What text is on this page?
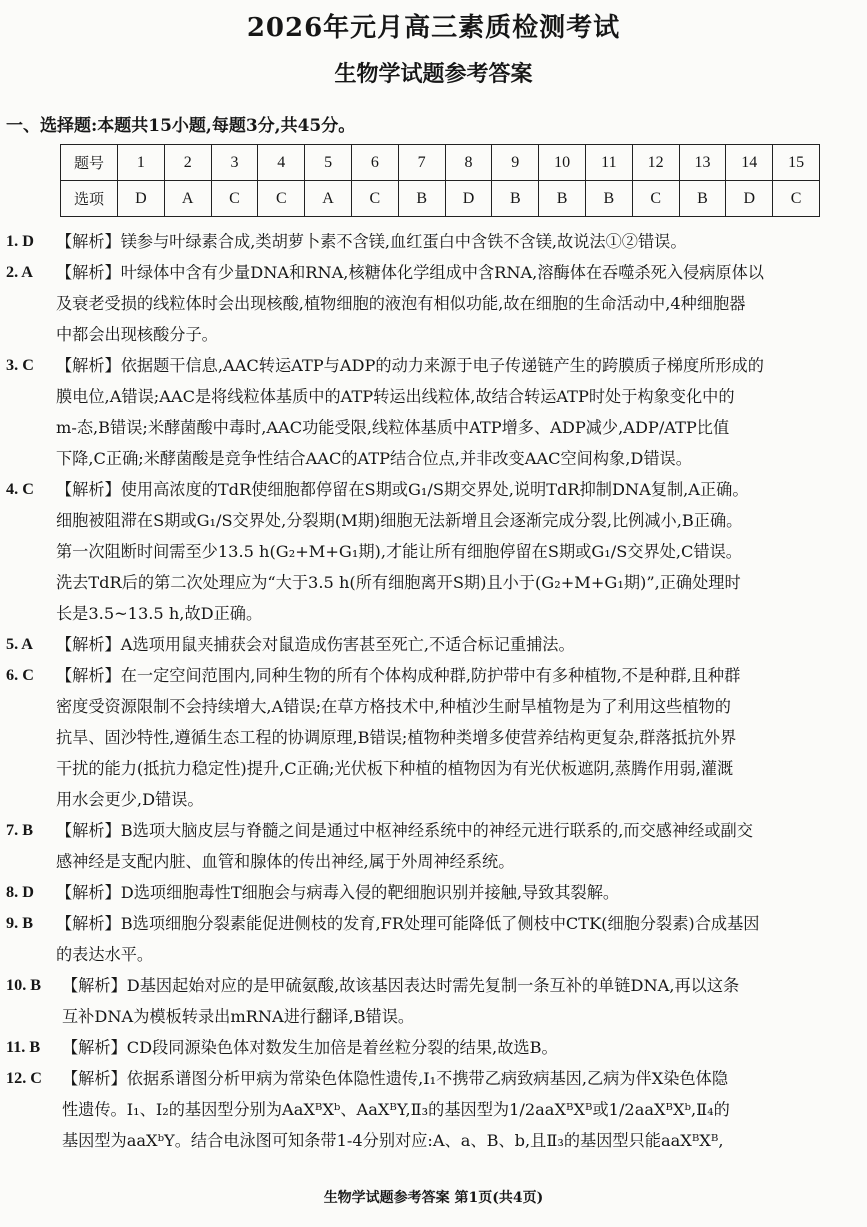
2026年元月高三素质检测考试
生物学试题参考答案

一、选择题:本题共15小题,每题3分,共45分。

题号	1	2	3	4	5	6	7	8	9	10	11	12	13	14	15
选项	D	A	C	C	A	C	B	D	B	B	B	C	B	D	C
1. D	【解析】镁参与叶绿素合成,类胡萝卜素不含镁,血红蛋白中含铁不含镁,故说法①②错误。
2. A	【解析】叶绿体中含有少量DNA和RNA,核糖体化学组成中含RNA,溶酶体在吞噬杀死入侵病原体以
及衰老受损的线粒体时会出现核酸,植物细胞的液泡有相似功能,故在细胞的生命活动中,4种细胞器
中都会出现核酸分子。
3. C	【解析】依据题干信息,AAC转运ATP与ADP的动力来源于电子传递链产生的跨膜质子梯度所形成的
膜电位,A错误;AAC是将线粒体基质中的ATP转运出线粒体,故结合转运ATP时处于构象变化中的
m-态,B错误;米酵菌酸中毒时,AAC功能受限,线粒体基质中ATP增多、ADP减少,ADP/ATP比值
下降,C正确;米酵菌酸是竞争性结合AAC的ATP结合位点,并非改变AAC空间构象,D错误。
4. C	【解析】使用高浓度的TdR使细胞都停留在S期或G₁/S期交界处,说明TdR抑制DNA复制,A正确。
细胞被阻滞在S期或G₁/S交界处,分裂期(M期)细胞无法新增且会逐渐完成分裂,比例减小,B正确。
第一次阻断时间需至少13.5 h(G₂+M+G₁期),才能让所有细胞停留在S期或G₁/S交界处,C错误。
洗去TdR后的第二次处理应为“大于3.5 h(所有细胞离开S期)且小于(G₂+M+G₁期)”,正确处理时
长是3.5~13.5 h,故D正确。
5. A	【解析】A选项用鼠夹捕获会对鼠造成伤害甚至死亡,不适合标记重捕法。
6. C	【解析】在一定空间范围内,同种生物的所有个体构成种群,防护带中有多种植物,不是种群,且种群
密度受资源限制不会持续增大,A错误;在草方格技术中,种植沙生耐旱植物是为了利用这些植物的
抗旱、固沙特性,遵循生态工程的协调原理,B错误;植物种类增多使营养结构更复杂,群落抵抗外界
干扰的能力(抵抗力稳定性)提升,C正确;光伏板下种植的植物因为有光伏板遮阴,蒸腾作用弱,灌溉
用水会更少,D错误。
7. B	【解析】B选项大脑皮层与脊髓之间是通过中枢神经系统中的神经元进行联系的,而交感神经或副交
感神经是支配内脏、血管和腺体的传出神经,属于外周神经系统。
8. D	【解析】D选项细胞毒性T细胞会与病毒入侵的靶细胞识别并接触,导致其裂解。
9. B	【解析】B选项细胞分裂素能促进侧枝的发育,FR处理可能降低了侧枝中CTK(细胞分裂素)合成基因
的表达水平。
10. B	【解析】D基因起始对应的是甲硫氨酸,故该基因表达时需先复制一条互补的单链DNA,再以这条
互补DNA为模板转录出mRNA进行翻译,B错误。
11. B	【解析】CD段同源染色体对数发生加倍是着丝粒分裂的结果,故选B。
12. C	【解析】依据系谱图分析甲病为常染色体隐性遗传,Ⅰ₁不携带乙病致病基因,乙病为伴X染色体隐
性遗传。Ⅰ₁、Ⅰ₂的基因型分别为AaXᴮXᵇ、AaXᴮY,Ⅱ₃的基因型为1/2aaXᴮXᴮ或1/2aaXᴮXᵇ,Ⅱ₄的
基因型为aaXᵇY。结合电泳图可知条带1-4分别对应:A、a、B、b,且Ⅱ₃的基因型只能aaXᴮXᴮ,
生物学试题参考答案 第1页(共4页)
